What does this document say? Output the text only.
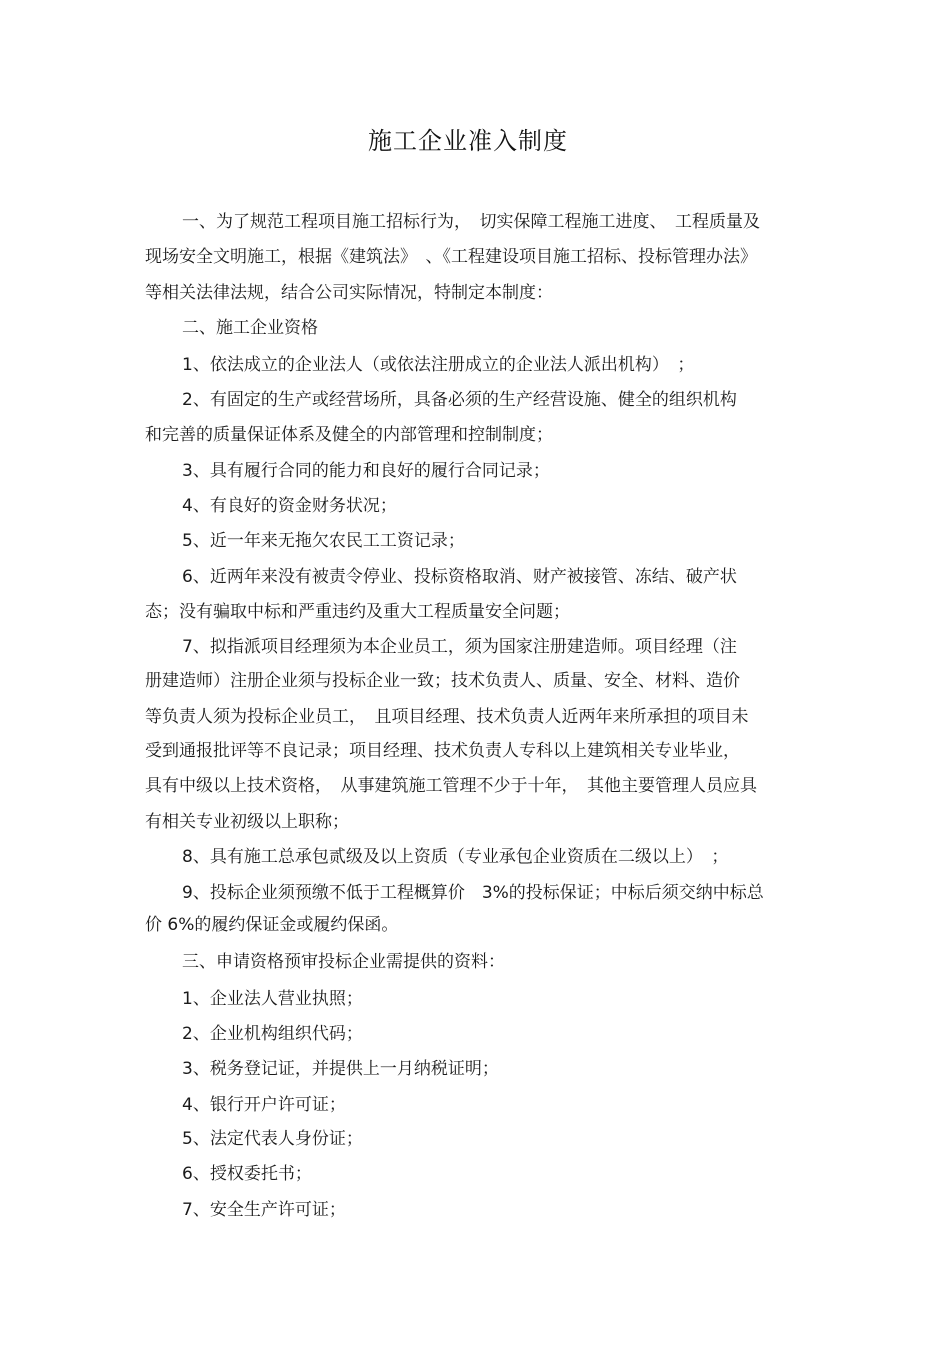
施工企业准入制度
一、为了规范工程项目施工招标行为，　切实保障工程施工进度、　工程质量及
现场安全文明施工，根据《建筑法》　、《工程建设项目施工招标、投标管理办法》
等相关法律法规，结合公司实际情况，特制定本制度：
二、施工企业资格
1、依法成立的企业法人（或依法注册成立的企业法人派出机构）　；
2、有固定的生产或经营场所，具备必须的生产经营设施、健全的组织机构
和完善的质量保证体系及健全的内部管理和控制制度；
3、具有履行合同的能力和良好的履行合同记录；
4、有良好的资金财务状况；
5、近一年来无拖欠农民工工资记录；
6、近两年来没有被责令停业、投标资格取消、财产被接管、冻结、破产状
态；没有骗取中标和严重违约及重大工程质量安全问题；
7、拟指派项目经理须为本企业员工，须为国家注册建造师。项目经理（注
册建造师）注册企业须与投标企业一致；技术负责人、质量、安全、材料、造价
等负责人须为投标企业员工，　且项目经理、技术负责人近两年来所承担的项目未
受到通报批评等不良记录；项目经理、技术负责人专科以上建筑相关专业毕业，
具有中级以上技术资格，　从事建筑施工管理不少于十年，　其他主要管理人员应具
有相关专业初级以上职称；
8、具有施工总承包贰级及以上资质（专业承包企业资质在二级以上）　；
9、投标企业须预缴不低于工程概算价　3%的投标保证；中标后须交纳中标总
价 6%的履约保证金或履约保函。
三、申请资格预审投标企业需提供的资料：
1、企业法人营业执照；
2、企业机构组织代码；
3、税务登记证，并提供上一月纳税证明；
4、银行开户许可证；
5、法定代表人身份证；
6、授权委托书；
7、安全生产许可证；
